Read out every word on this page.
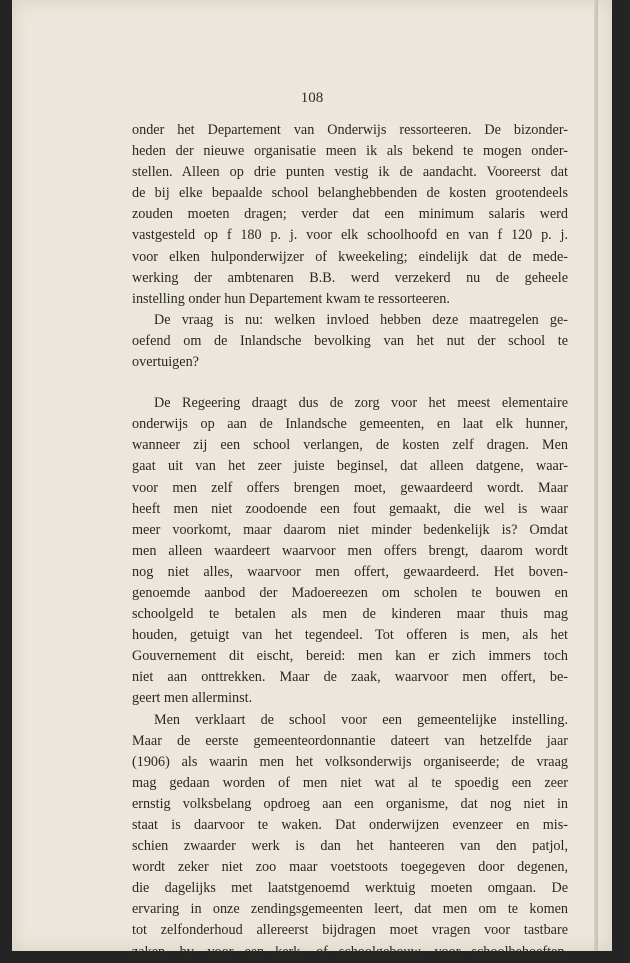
108
onder het Departement van Onderwijs ressorteeren. De bizonder-
heden der nieuwe organisatie meen ik als bekend te mogen onder-
stellen. Alleen op drie punten vestig ik de aandacht. Vooreerst dat
de bij elke bepaalde school belanghebbenden de kosten grootendeels
zouden moeten dragen; verder dat een minimum salaris werd
vastgesteld op f 180 p. j. voor elk schoolhoofd en van f 120 p. j.
voor elken hulponderwijzer of kweekeling; eindelijk dat de mede-
werking der ambtenaren B.B. werd verzekerd nu de geheele
instelling onder hun Departement kwam te ressorteeren.
De vraag is nu: welken invloed hebben deze maatregelen ge-
oefend om de Inlandsche bevolking van het nut der school te
overtuigen?
De Regeering draagt dus de zorg voor het meest elementaire
onderwijs op aan de Inlandsche gemeenten, en laat elk hunner,
wanneer zij een school verlangen, de kosten zelf dragen. Men
gaat uit van het zeer juiste beginsel, dat alleen datgene, waar-
voor men zelf offers brengen moet, gewaardeerd wordt. Maar
heeft men niet zoodoende een fout gemaakt, die wel is waar
meer voorkomt, maar daarom niet minder bedenkelijk is? Omdat
men alleen waardeert waarvoor men offers brengt, daarom wordt
nog niet alles, waarvoor men offert, gewaardeerd. Het boven-
genoemde aanbod der Madoereezen om scholen te bouwen en
schoolgeld te betalen als men de kinderen maar thuis mag
houden, getuigt van het tegendeel. Tot offeren is men, als het
Gouvernement dit eischt, bereid: men kan er zich immers toch
niet aan onttrekken. Maar de zaak, waarvoor men offert, be-
geert men allerminst.
Men verklaart de school voor een gemeentelijke instelling.
Maar de eerste gemeenteordonnantie dateert van hetzelfde jaar
(1906) als waarin men het volksonderwijs organiseerde; de vraag
mag gedaan worden of men niet wat al te spoedig een zeer
ernstig volksbelang opdroeg aan een organisme, dat nog niet in
staat is daarvoor te waken. Dat onderwijzen evenzeer en mis-
schien zwaarder werk is dan het hanteeren van den patjol,
wordt zeker niet zoo maar voetstoots toegegeven door degenen,
die dagelijks met laatstgenoemd werktuig moeten omgaan. De
ervaring in onze zendingsgemeenten leert, dat men om te komen
tot zelfonderhoud allereerst bijdragen moet vragen voor tastbare
zaken, bv. voor een kerk- of schoolgebouw, voor schoolbehoeften,
